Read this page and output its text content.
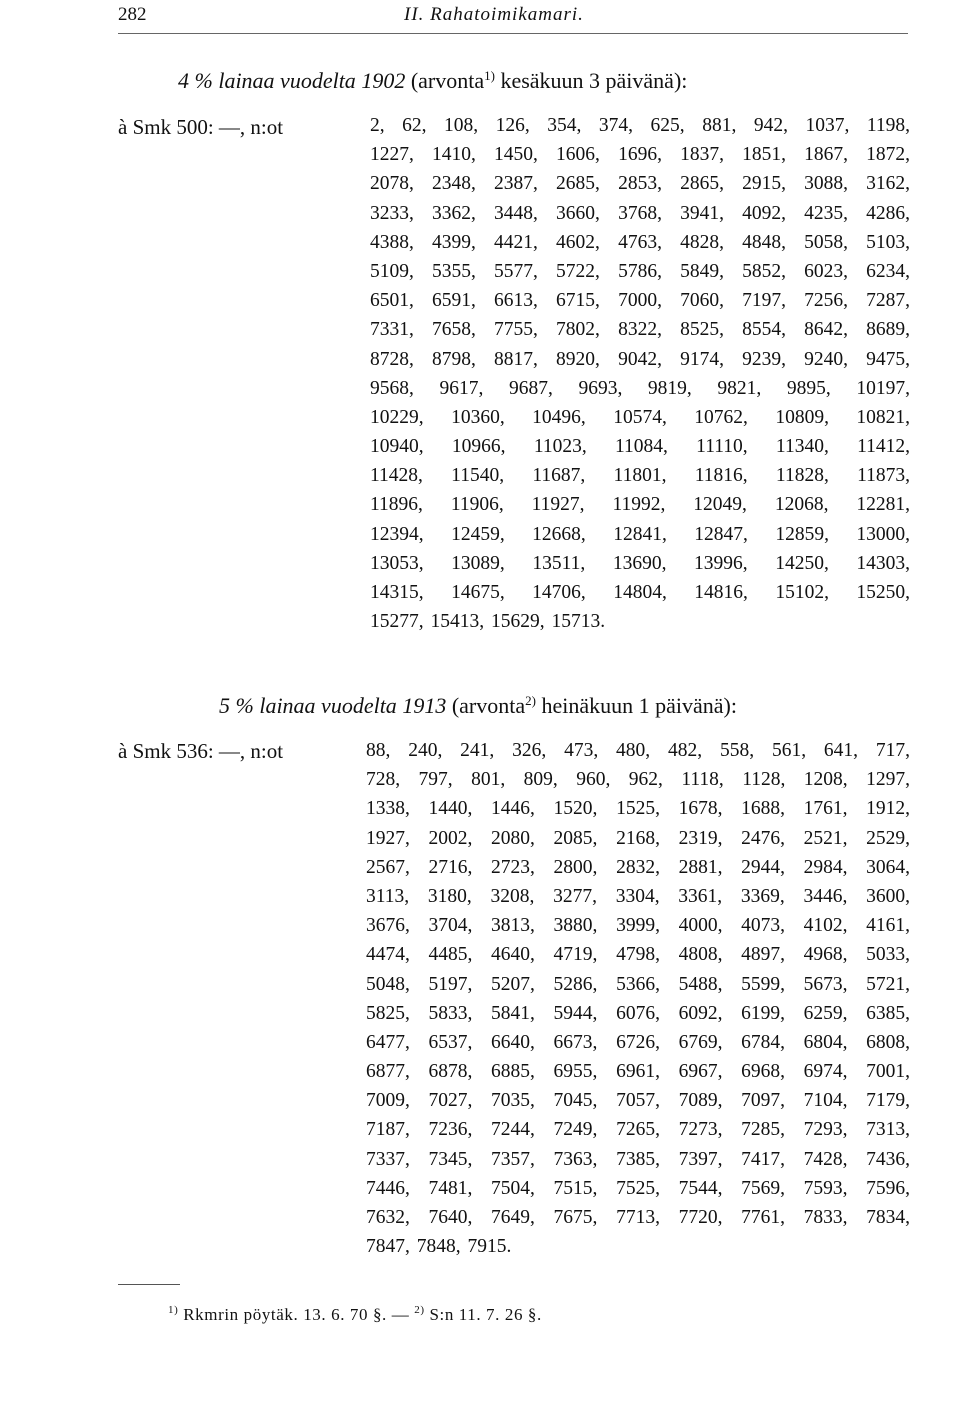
282	II. Rahatoimikamari.
4 % lainaa vuodelta 1902 (arvonta$^{1)}$ kesäkuun 3 päivänä):
à Smk 500: —, n:ot	2, 62, 108, 126, 354, 374, 625, 881, 942, 1037, 1198,
1227, 1410, 1450, 1606, 1696, 1837, 1851, 1867, 1872,
2078, 2348, 2387, 2685, 2853, 2865, 2915, 3088, 3162,
3233, 3362, 3448, 3660, 3768, 3941, 4092, 4235, 4286,
4388, 4399, 4421, 4602, 4763, 4828, 4848, 5058, 5103,
5109, 5355, 5577, 5722, 5786, 5849, 5852, 6023, 6234,
6501, 6591, 6613, 6715, 7000, 7060, 7197, 7256, 7287,
7331, 7658, 7755, 7802, 8322, 8525, 8554, 8642, 8689,
8728, 8798, 8817, 8920, 9042, 9174, 9239, 9240, 9475,
9568, 9617, 9687, 9693, 9819, 9821, 9895, 10197,
10229, 10360, 10496, 10574, 10762, 10809, 10821,
10940, 10966, 11023, 11084, 11110, 11340, 11412,
11428, 11540, 11687, 11801, 11816, 11828, 11873,
11896, 11906, 11927, 11992, 12049, 12068, 12281,
12394, 12459, 12668, 12841, 12847, 12859, 13000,
13053, 13089, 13511, 13690, 13996, 14250, 14303,
14315, 14675, 14706, 14804, 14816, 15102, 15250,
15277, 15413, 15629, 15713.
5 % lainaa vuodelta 1913 (arvonta$^{2)}$ heinäkuun 1 päivänä):
à Smk 536: —, n:ot	88, 240, 241, 326, 473, 480, 482, 558, 561, 641, 717,
728, 797, 801, 809, 960, 962, 1118, 1128, 1208, 1297,
1338, 1440, 1446, 1520, 1525, 1678, 1688, 1761, 1912,
1927, 2002, 2080, 2085, 2168, 2319, 2476, 2521, 2529,
2567, 2716, 2723, 2800, 2832, 2881, 2944, 2984, 3064,
3113, 3180, 3208, 3277, 3304, 3361, 3369, 3446, 3600,
3676, 3704, 3813, 3880, 3999, 4000, 4073, 4102, 4161,
4474, 4485, 4640, 4719, 4798, 4808, 4897, 4968, 5033,
5048, 5197, 5207, 5286, 5366, 5488, 5599, 5673, 5721,
5825, 5833, 5841, 5944, 6076, 6092, 6199, 6259, 6385,
6477, 6537, 6640, 6673, 6726, 6769, 6784, 6804, 6808,
6877, 6878, 6885, 6955, 6961, 6967, 6968, 6974, 7001,
7009, 7027, 7035, 7045, 7057, 7089, 7097, 7104, 7179,
7187, 7236, 7244, 7249, 7265, 7273, 7285, 7293, 7313,
7337, 7345, 7357, 7363, 7385, 7397, 7417, 7428, 7436,
7446, 7481, 7504, 7515, 7525, 7544, 7569, 7593, 7596,
7632, 7640, 7649, 7675, 7713, 7720, 7761, 7833, 7834,
7847, 7848, 7915.
$^{1)}$ Rkmrin pöytäk. 13. 6. 70 §. — $^{2)}$ S:n 11. 7. 26 §.
